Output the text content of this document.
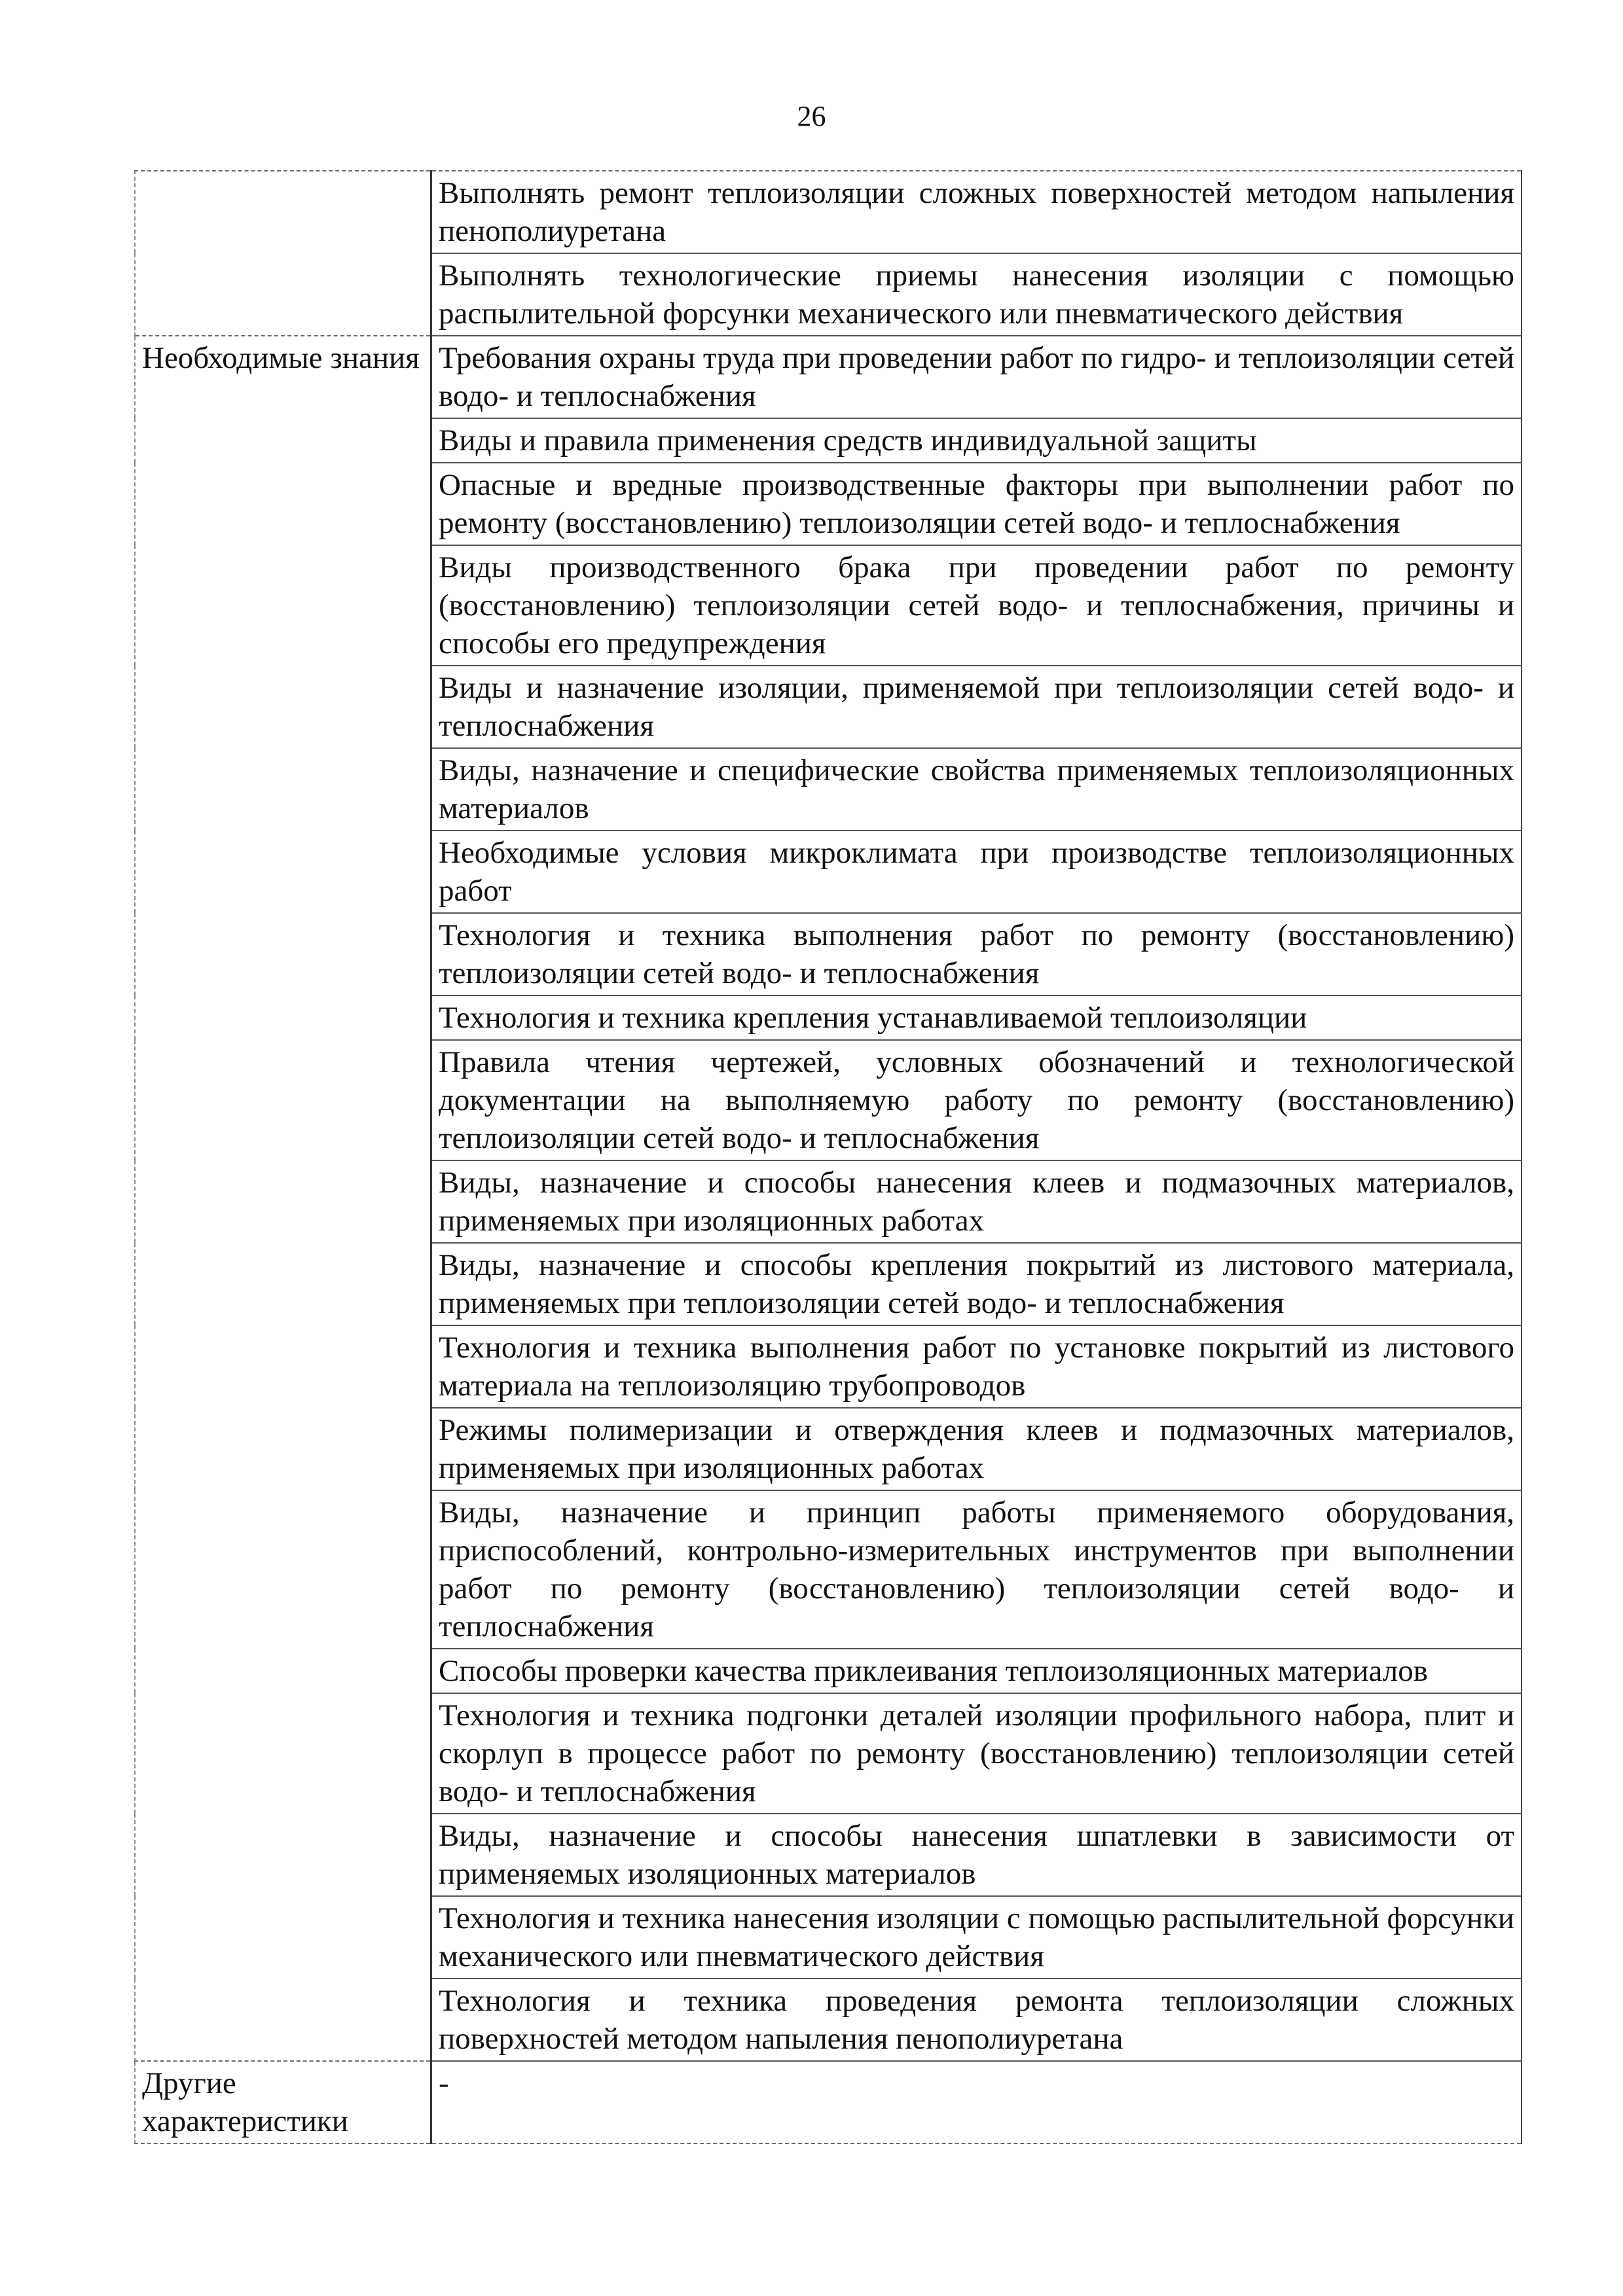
26
	Выполнять ремонт теплоизоляции сложных поверхностей методом напыления пенополиуретана
	Выполнять технологические приемы нанесения изоляции с помощью распылительной форсунки механического или пневматического действия
Необходимые знания	Требования охраны труда при проведении работ по гидро- и теплоизоляции сетей водо- и теплоснабжения
	Виды и правила применения средств индивидуальной защиты
	Опасные и вредные производственные факторы при выполнении работ по ремонту (восстановлению) теплоизоляции сетей водо- и теплоснабжения
	Виды производственного брака при проведении работ по ремонту (восстановлению) теплоизоляции сетей водо- и теплоснабжения, причины и способы его предупреждения
	Виды и назначение изоляции, применяемой при теплоизоляции сетей водо- и теплоснабжения
	Виды, назначение и специфические свойства применяемых теплоизоляционных материалов
	Необходимые условия микроклимата при производстве теплоизоляционных работ
	Технология и техника выполнения работ по ремонту (восстановлению) теплоизоляции сетей водо- и теплоснабжения
	Технология и техника крепления устанавливаемой теплоизоляции
	Правила чтения чертежей, условных обозначений и технологической документации на выполняемую работу по ремонту (восстановлению) теплоизоляции сетей водо- и теплоснабжения
	Виды, назначение и способы нанесения клеев и подмазочных материалов, применяемых при изоляционных работах
	Виды, назначение и способы крепления покрытий из листового материала, применяемых при теплоизоляции сетей водо- и теплоснабжения
	Технология и техника выполнения работ по установке покрытий из листового материала на теплоизоляцию трубопроводов
	Режимы полимеризации и отверждения клеев и подмазочных материалов, применяемых при изоляционных работах
	Виды, назначение и принцип работы применяемого оборудования, приспособлений, контрольно-измерительных инструментов при выполнении работ по ремонту (восстановлению) теплоизоляции сетей водо- и теплоснабжения
	Способы проверки качества приклеивания теплоизоляционных материалов
	Технология и техника подгонки деталей изоляции профильного набора, плит и скорлуп в процессе работ по ремонту (восстановлению) теплоизоляции сетей водо- и теплоснабжения
	Виды, назначение и способы нанесения шпатлевки в зависимости от применяемых изоляционных материалов
	Технология и техника нанесения изоляции с помощью распылительной форсунки механического или пневматического действия
	Технология и техника проведения ремонта теплоизоляции сложных поверхностей методом напыления пенополиуретана
Другие характеристики	-
